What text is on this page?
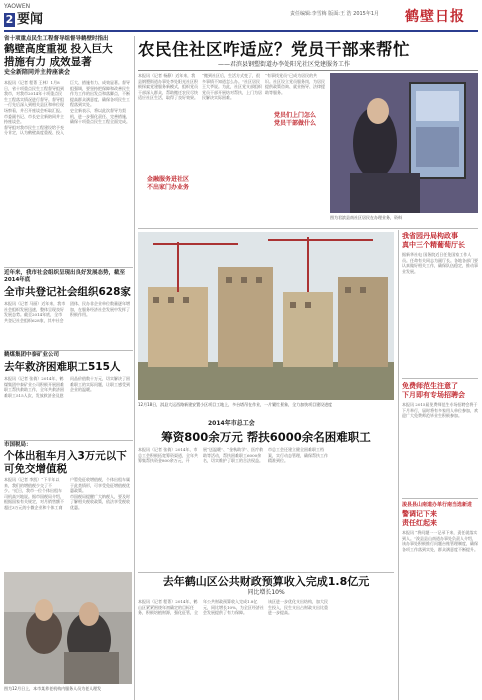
YAOWEN
2 要闻	责任编辑:李雪梅 版面:王 浩 2015年1月 鹤壁日报
省十项重点民生工程督导组督导鹤壁时指出
鹤壁高度重视 投入巨大
措施有力 成效显著
史全新陪同并主持座谈会
本报讯（记者 程菁 王林）1月8日，省十项重点民生工程督导组到我市，对我市2014年十项重点民生工程落实情况进行督导。督导组一行先后深入到相关县区和单位现场察看，并召开座谈会听取汇报。市委副书记、市长史全新陪同并主持座谈会。
督导组对我市民生工程建设给予充分肯定，认为鹤壁高度重视、投入巨大、措施有力、成效显著。督导组强调，要坚持把保障和改善民生作为工作的出发点和落脚点，不断提高群众满意度，确保各项民生工程落到实处。
史全新表示，将以此次督导为契机，进一步强化责任、完善措施，确保十项重点民生工程全面完成。
近年来，我市社会组织呈现出良好发展态势，截至2014年底
全市共登记社会组织628家
本报讯（记者 马丽）近年来，我市社会组织发展迅速，整体呈现良好发展态势。截至2014年底，全市共登记社会组织628家，其中社会团体、民办非企业单位数量逐年增加，在服务经济社会发展中发挥了积极作用。
鹤煤集团中泰矿业公司
去年救济困难职工515人
本报讯（记者 张倩）2014年，鹤煤集团中泰矿业公司积极开展困难职工帮扶救助工作，全年共救济困难职工515人次，发放救济金及慰问品价值数十万元，切实解决了困难职工的实际问题，让职工感受到企业的温暖。
市国税局：
个体出租车月入3万元以下
可免交增值税
本报讯（记者 李凯）“下半年以来，我们的增值税少交了不少。”近日，我市一位个体出租车司机高兴地说。据市国税局介绍，根据国家有关规定，对月销售额不超过3万元的小微企业和个体工商户暂免征收增值税，个体出租车属于此类情形，可享受免征增值税优惠政策。
市国税局提醒广大纳税人，要及时了解相关税收政策，依法享受税收优惠。
图为12月日上，本市某养老机构内服务人员为老人理发
农民住社区咋适应？党员干部来帮忙
——君滨县钢塑街道办李处阳光社区党建服务工作
本报讯（记者 杨静）近年来，我县钢塑街道办事处李处阳光社区积极探索党建服务新模式，组织党员干部深入群众，帮助搬迁农民尽快适应社区生活，取得了良好效果。
“搬到社区后，生活方式变了，很多事情不知道怎么办。”社区居民王大爷说。为此，社区党支部组织党员干部开展结对帮扶，上门为居民解决实际困难。
金融服务进社区
不出家门办业务
“有事找党员”已成为居民的共识。社区设立党员服务岗，为居民提供政策咨询、就业指导、法律援助等服务。
党员们上门怎么
党员干部做什么
图为君滨县南社区居民在办理业务，资料
12月18日，淇县大运西路新建安置小区项目工地上，多台塔吊在作业，一片繁忙景象，全力加快项目建设进度
2014年市总工会
筹资800余万元 帮扶6000余名困难职工
本报讯（记者 张倩）2014年，市总工会积极拓宽筹资渠道，全年共筹集帮扶资金800余万元，开展“送温暖”、“金秋助学”、医疗救助等活动，帮扶困难职工6000余名，切实维护了职工的合法权益。
市总工会还建立健全困难职工档案，实行动态管理，确保帮扶工作精准到位。
去年鹤山区公共财政预算收入完成1.8亿元
同比增长10%
本报讯（记者 程菁）2014年，鹤山区紧紧围绕年初确定的目标任务，积极培植财源，强化征管，全年公共财政预算收入完成1.8亿元，同比增长10%，为全区经济社会发展提供了有力保障。
该区进一步优化支出结构，加大民生投入，民生支出占财政支出比重进一步提高。
我省园丹局构政事
真中三个精葡萄厅长
据新华社电 国务院近日任免国家工作人员。任命有关同志为副厅长。各地各部门要认真做好相关工作，确保队伍稳定，推动事业发展。
免费师范生注意了
下月即有专场招聘会
本报讯 2015届免费师范生专场招聘会将于下月举行，届时将有多家用人单位参加，欢迎广大免费师范毕业生积极参加。
浚县县山南道办单行南当选新进
警调记下来
责任红起来
本报讯 “将问题一一记录下来，责任就落实到人。”浚县县山南道办事处负责人介绍，该办事处积极推行问题台账管理制度，确保各项工作落到实处，群众满意度不断提升。
